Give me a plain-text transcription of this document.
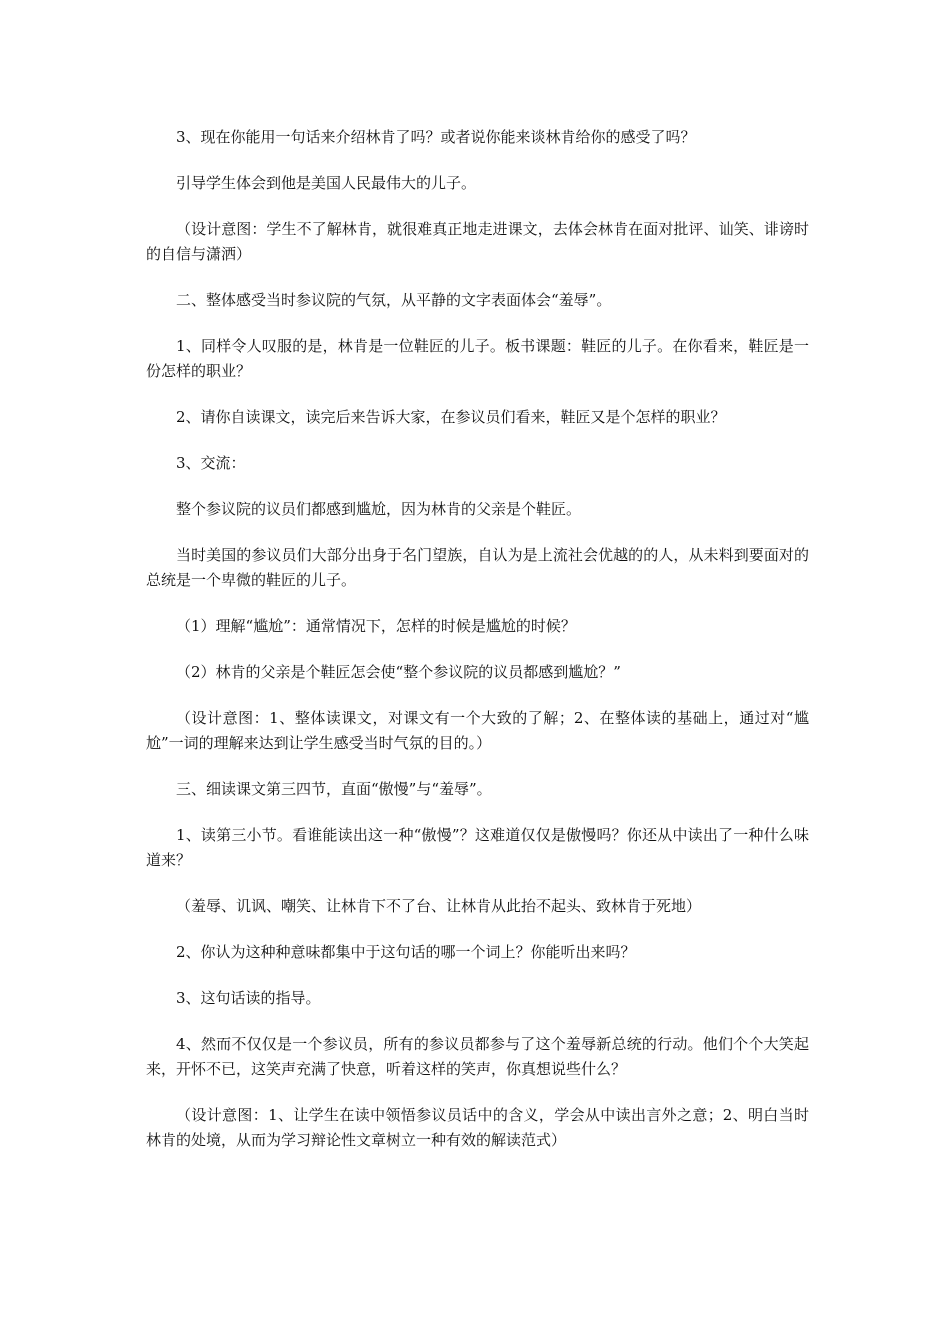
3、现在你能用一句话来介绍林肯了吗？或者说你能来谈林肯给你的感受了吗？

引导学生体会到他是美国人民最伟大的儿子。

（设计意图：学生不了解林肯，就很难真正地走进课文，去体会林肯在面对批评、讪笑、诽谤时的自信与潇洒）

二、整体感受当时参议院的气氛，从平静的文字表面体会“羞辱”。

1、同样令人叹服的是，林肯是一位鞋匠的儿子。板书课题：鞋匠的儿子。在你看来，鞋匠是一份怎样的职业？

2、请你自读课文，读完后来告诉大家，在参议员们看来，鞋匠又是个怎样的职业？

3、交流：

整个参议院的议员们都感到尴尬，因为林肯的父亲是个鞋匠。

当时美国的参议员们大部分出身于名门望族，自认为是上流社会优越的的人，从未料到要面对的总统是一个卑微的鞋匠的儿子。

（1）理解“尴尬”：通常情况下，怎样的时候是尴尬的时候？

（2）林肯的父亲是个鞋匠怎会使“整个参议院的议员都感到尴尬？”

（设计意图：1、整体读课文，对课文有一个大致的了解；2、在整体读的基础上，通过对“尴尬”一词的理解来达到让学生感受当时气氛的目的。）

三、细读课文第三四节，直面“傲慢”与“羞辱”。

1、读第三小节。看谁能读出这一种“傲慢”？这难道仅仅是傲慢吗？你还从中读出了一种什么味道来？

（羞辱、讥讽、嘲笑、让林肯下不了台、让林肯从此抬不起头、致林肯于死地）

2、你认为这种种意味都集中于这句话的哪一个词上？你能听出来吗？

3、这句话读的指导。

4、然而不仅仅是一个参议员，所有的参议员都参与了这个羞辱新总统的行动。他们个个大笑起来，开怀不已，这笑声充满了快意，听着这样的笑声，你真想说些什么？

（设计意图：1、让学生在读中领悟参议员话中的含义，学会从中读出言外之意；2、明白当时林肯的处境，从而为学习辩论性文章树立一种有效的解读范式）
